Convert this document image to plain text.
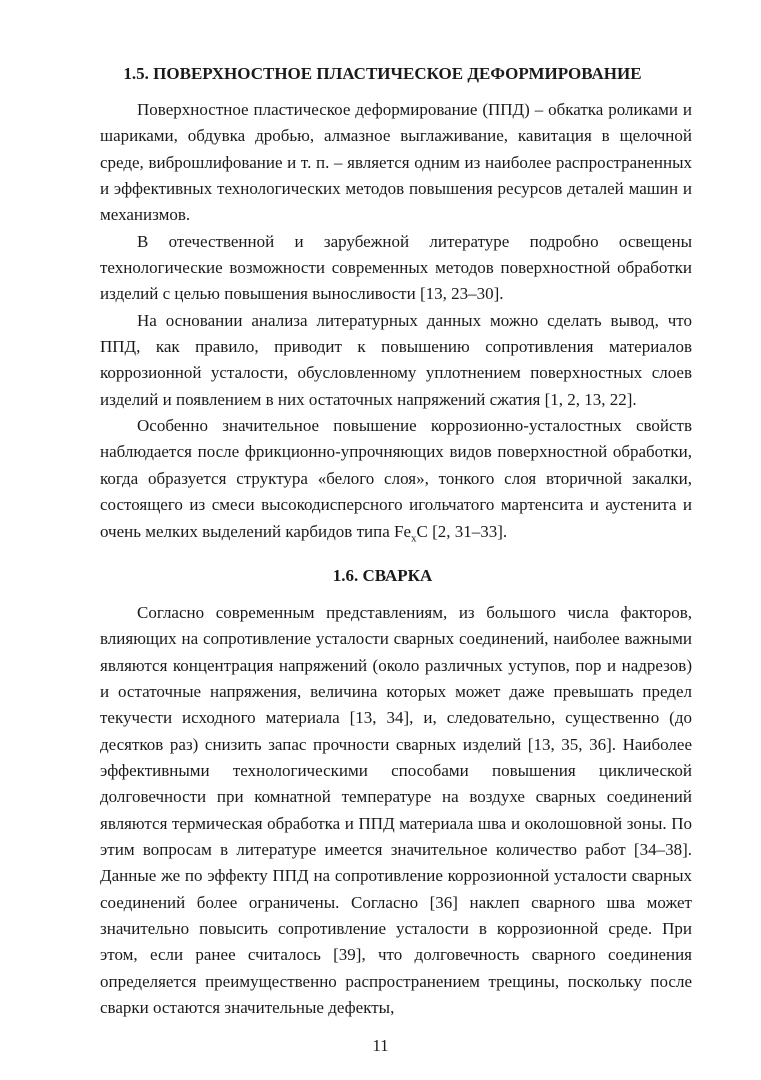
1.5. ПОВЕРХНОСТНОЕ ПЛАСТИЧЕСКОЕ ДЕФОРМИРОВАНИЕ

Поверхностное пластическое деформирование (ППД) – обкатка роликами и шариками, обдувка дробью, алмазное выглаживание, кавитация в щелочной среде, виброшлифование и т. п. – является одним из наиболее распространенных и эффективных технологических методов повышения ресурсов деталей машин и механизмов.

В отечественной и зарубежной литературе подробно освещены технологические возможности современных методов поверхностной обработки изделий с целью повышения выносливости [13, 23–30].

На основании анализа литературных данных можно сделать вывод, что ППД, как правило, приводит к повышению сопротивления материалов коррозионной усталости, обусловленному уплотнением поверхностных слоев изделий и появлением в них остаточных напряжений сжатия [1, 2, 13, 22].

Особенно значительное повышение коррозионно-усталостных свойств наблюдается после фрикционно-упрочняющих видов поверхностной обработки, когда образуется структура «белого слоя», тонкого слоя вторичной закалки, состоящего из смеси высокодисперсного игольчатого мартенсита и аустенита и очень мелких выделений карбидов типа $Fe_xC$ [2, 31–33].

1.6. СВАРКА

Согласно современным представлениям, из большого числа факторов, влияющих на сопротивление усталости сварных соединений, наиболее важными являются концентрация напряжений (около различных уступов, пор и надрезов) и остаточные напряжения, величина которых может даже превышать предел текучести исходного материала [13, 34], и, следовательно, существенно (до десятков раз) снизить запас прочности сварных изделий [13, 35, 36]. Наиболее эффективными технологическими способами повышения циклической долговечности при комнатной температуре на воздухе сварных соединений являются термическая обработка и ППД материала шва и околошовной зоны. По этим вопросам в литературе имеется значительное количество работ [34–38]. Данные же по эффекту ППД на сопротивление коррозионной усталости сварных соединений более ограничены. Согласно [36] наклеп сварного шва может значительно повысить сопротивление усталости в коррозионной среде. При этом, если ранее считалось [39], что долговечность сварного соединения определяется преимущественно распространением трещины, поскольку после сварки остаются значительные дефекты,

11
